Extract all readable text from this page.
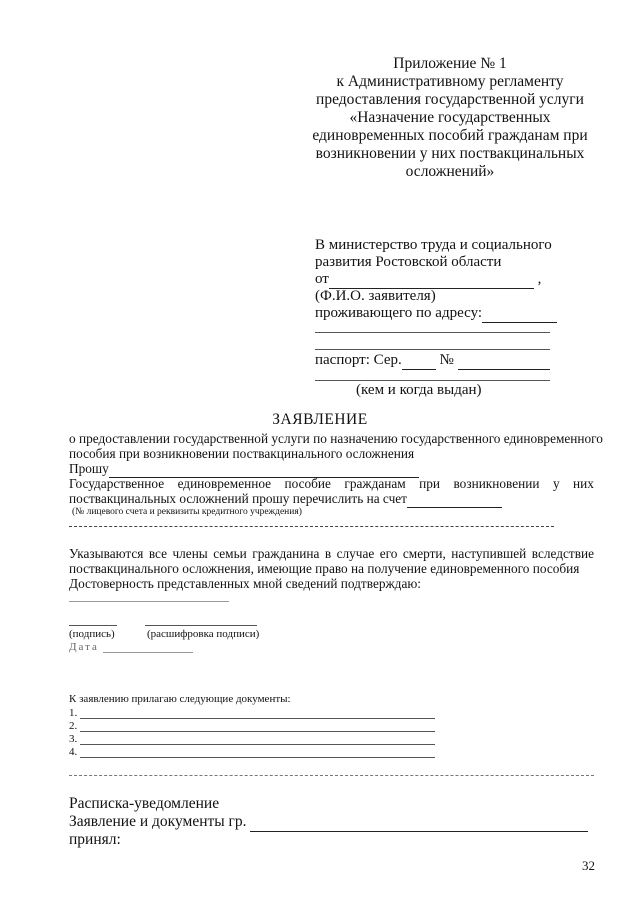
Приложение № 1
к Административному регламенту
предоставления государственной услуги
«Назначение государственных
единовременных пособий гражданам при
возникновении у них поствакцинальных
осложнений»
В министерство труда и социального
развития Ростовской области
от	,
(Ф.И.О. заявителя)
проживающего по адресу:
паспорт: Сер.	№
(кем и когда выдан)
ЗАЯВЛЕНИЕ
о предоставлении государственной услуги по назначению государственного единовременного
пособия при возникновении поствакцинального осложнения
Прошу
Государственное единовременное пособие гражданам при возникновении у них
поствакцинальных осложнений прошу перечислить на счет
(№ лицевого счета и реквизиты кредитного учреждения)
Указываются все члены семьи гражданина в случае его смерти, наступившей вследствие
поствакцинального осложнения, имеющие право на получение единовременного пособия
Достоверность представленных мной сведений подтверждаю:
(подпись)	(расшифровка подписи)
Дата
К заявлению прилагаю следующие документы:
1.
2.
3.
4.
Расписка-уведомление
Заявление и документы гр.
принял:
32
